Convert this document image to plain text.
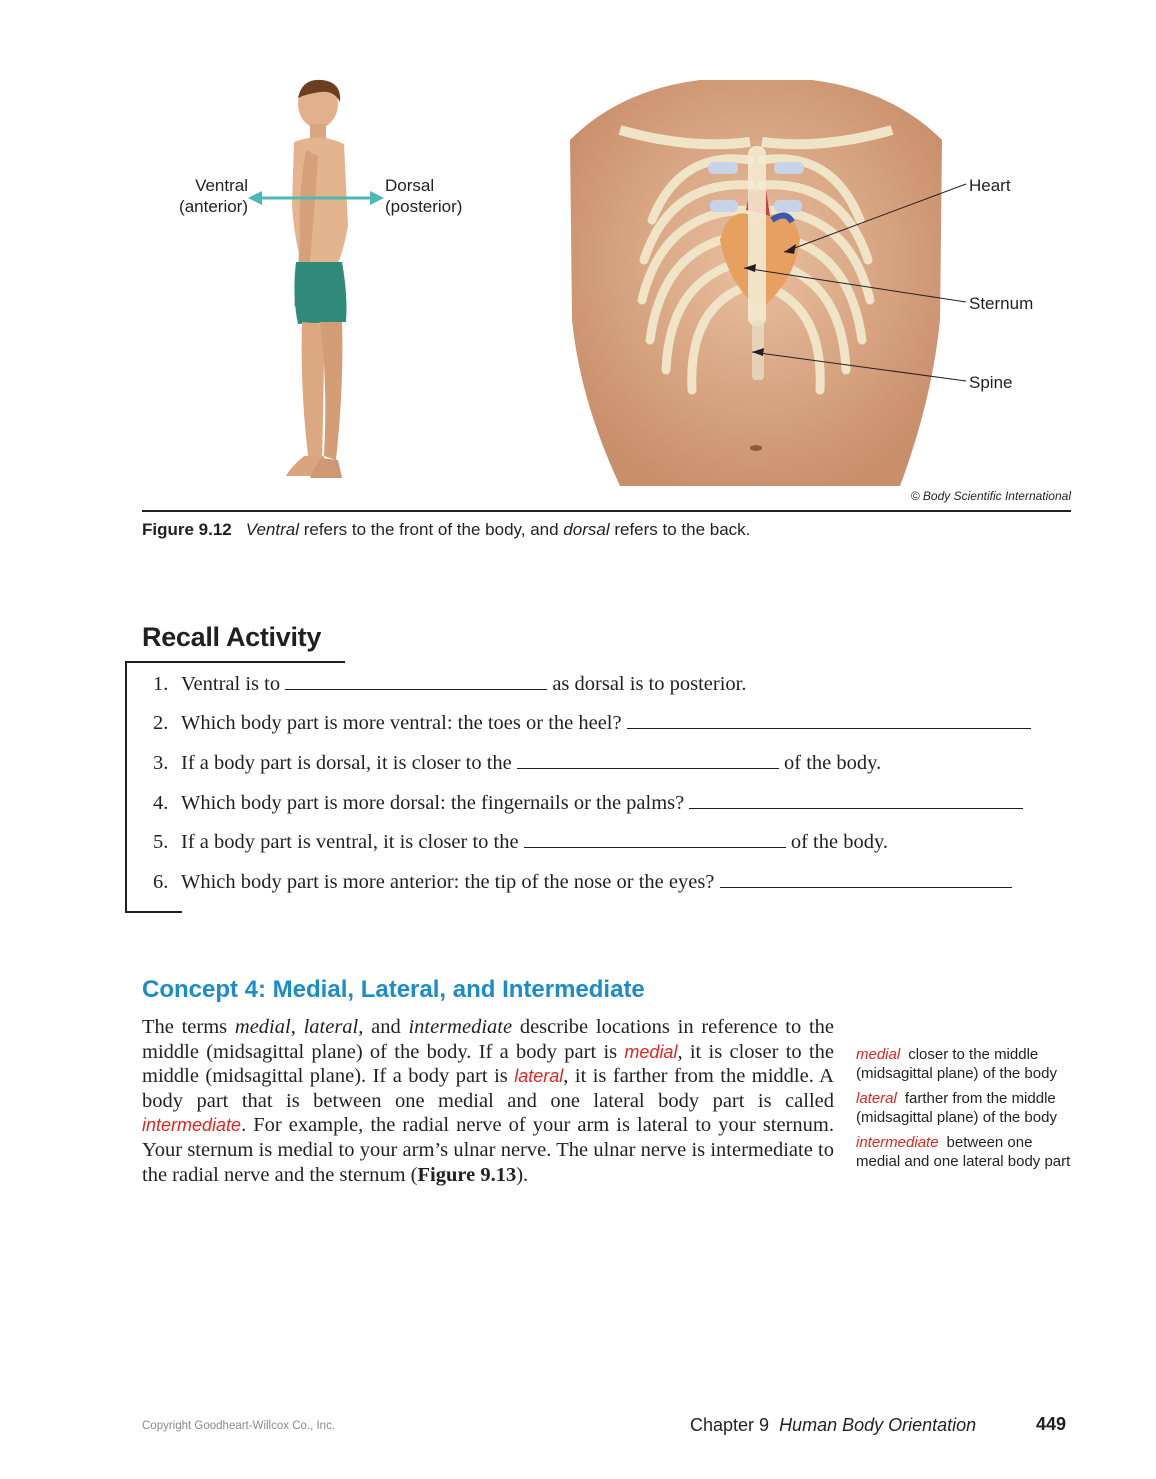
Ventral
(anterior)
Dorsal
(posterior)
Heart
Sternum
Spine
© Body Scientific International
Figure 9.12 Ventral refers to the front of the body, and dorsal refers to the back.
Recall Activity
1. Ventral is to	as dorsal is to posterior.
2. Which body part is more ventral: the toes or the heel?
3. If a body part is dorsal, it is closer to the	of the body.
4. Which body part is more dorsal: the fingernails or the palms?
5. If a body part is ventral, it is closer to the	of the body.
6. Which body part is more anterior: the tip of the nose or the eyes?
Concept 4: Medial, Lateral, and Intermediate
The terms medial, lateral, and intermediate describe locations in reference to the middle (midsagittal plane) of the body. If a body part is medial, it is closer to the middle (midsagittal plane). If a body part is lateral, it is farther from the middle. A body part that is between one medial and one lateral body part is called intermediate. For example, the radial nerve of your arm is lateral to your sternum. Your sternum is medial to your arm’s ulnar nerve. The ulnar nerve is intermediate to the radial nerve and the sternum (Figure 9.13).
medial closer to the middle (midsagittal plane) of the body
lateral farther from the middle (midsagittal plane) of the body
intermediate between one medial and one lateral body part
Copyright Goodheart-Willcox Co., Inc.	Chapter 9 Human Body Orientation	449
